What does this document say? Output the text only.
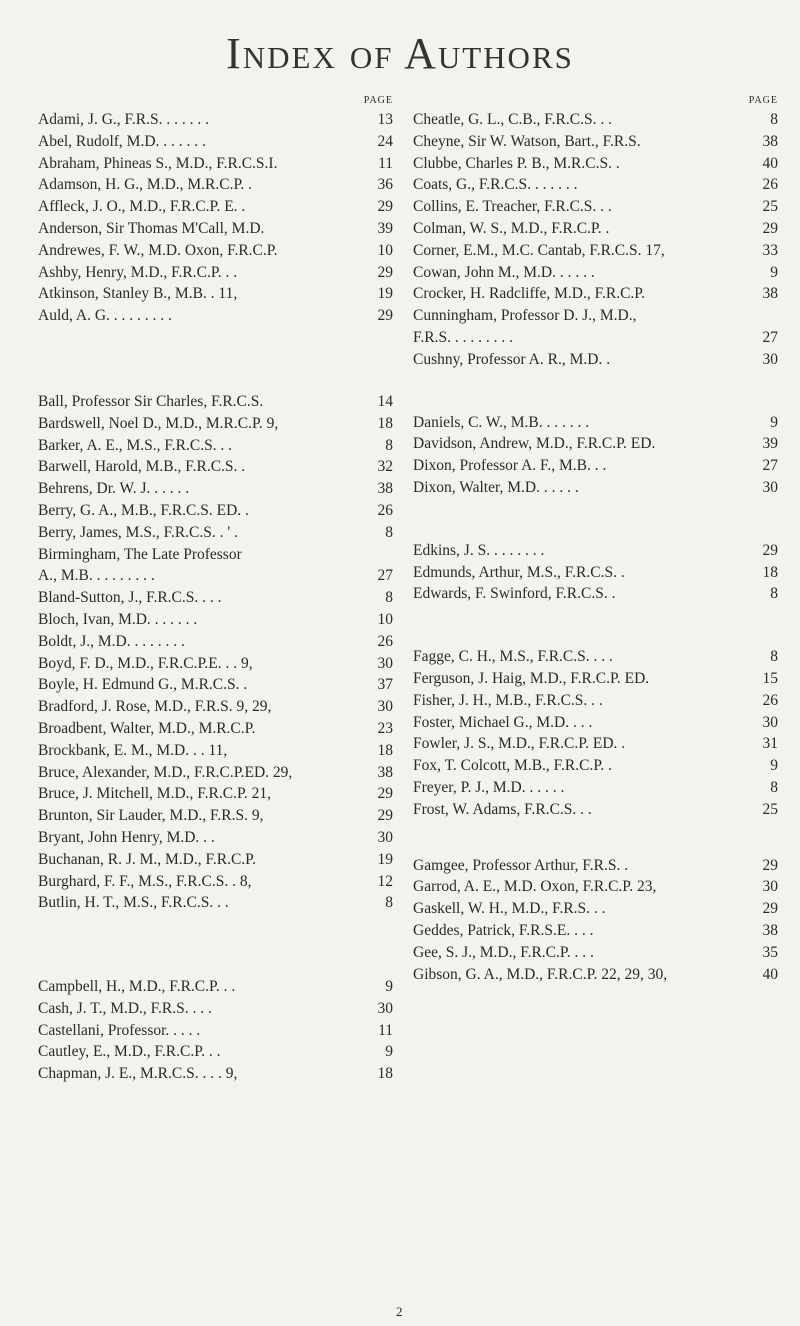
Index of Authors
PAGE
Adami, J. G., F.R.S. . . . . . .	13
Abel, Rudolf, M.D. . . . . . .	24
Abraham, Phineas S., M.D., F.R.C.S.I.	11
Adamson, H. G., M.D., M.R.C.P. .	36
Affleck, J. O., M.D., F.R.C.P. E. .	29
Anderson, Sir Thomas M'Call, M.D.	39
Andrewes, F. W., M.D. Oxon, F.R.C.P.	10
Ashby, Henry, M.D., F.R.C.P. . .	29
Atkinson, Stanley B., M.B. . 11,	19
Auld, A. G. . . . . . . . .	29
Ball, Professor Sir Charles, F.R.C.S.	14
Bardswell, Noel D., M.D., M.R.C.P. 9,	18
Barker, A. E., M.S., F.R.C.S. . .	8
Barwell, Harold, M.B., F.R.C.S. .	32
Behrens, Dr. W. J. . . . . .	38
Berry, G. A., M.B., F.R.C.S. ED. .	26
Berry, James, M.S., F.R.C.S. . ' .	8
Birmingham, The Late Professor
A., M.B. . . . . . . . .	27
Bland-Sutton, J., F.R.C.S. . . .	8
Bloch, Ivan, M.D. . . . . . .	10
Boldt, J., M.D. . . . . . . .	26
Boyd, F. D., M.D., F.R.C.P.E. . . 9,	30
Boyle, H. Edmund G., M.R.C.S. .	37
Bradford, J. Rose, M.D., F.R.S. 9, 29,	30
Broadbent, Walter, M.D., M.R.C.P.	23
Brockbank, E. M., M.D. . . 11,	18
Bruce, Alexander, M.D., F.R.C.P.ED. 29,	38
Bruce, J. Mitchell, M.D., F.R.C.P. 21,	29
Brunton, Sir Lauder, M.D., F.R.S. 9,	29
Bryant, John Henry, M.D. . .	30
Buchanan, R. J. M., M.D., F.R.C.P.	19
Burghard, F. F., M.S., F.R.C.S. . 8,	12
Butlin, H. T., M.S., F.R.C.S. . .	8
Campbell, H., M.D., F.R.C.P. . .	9
Cash, J. T., M.D., F.R.S. . . .	30
Castellani, Professor. . . . .	11
Cautley, E., M.D., F.R.C.P. . .	9
Chapman, J. E., M.R.C.S. . . . 9,	18
PAGE
Cheatle, G. L., C.B., F.R.C.S. . .	8
Cheyne, Sir W. Watson, Bart., F.R.S.	38
Clubbe, Charles P. B., M.R.C.S. .	40
Coats, G., F.R.C.S. . . . . . .	26
Collins, E. Treacher, F.R.C.S. . .	25
Colman, W. S., M.D., F.R.C.P. .	29
Corner, E.M., M.C. Cantab, F.R.C.S. 17,	33
Cowan, John M., M.D. . . . . .	9
Crocker, H. Radcliffe, M.D., F.R.C.P.	38
Cunningham, Professor D. J., M.D.,
F.R.S. . . . . . . . .	27
Cushny, Professor A. R., M.D. .	30
Daniels, C. W., M.B. . . . . . .	9
Davidson, Andrew, M.D., F.R.C.P. ED.	39
Dixon, Professor A. F., M.B. . .	27
Dixon, Walter, M.D. . . . . .	30
Edkins, J. S. . . . . . . .	29
Edmunds, Arthur, M.S., F.R.C.S. .	18
Edwards, F. Swinford, F.R.C.S. .	8
Fagge, C. H., M.S., F.R.C.S. . . .	8
Ferguson, J. Haig, M.D., F.R.C.P. ED.	15
Fisher, J. H., M.B., F.R.C.S. . .	26
Foster, Michael G., M.D. . . .	30
Fowler, J. S., M.D., F.R.C.P. ED. .	31
Fox, T. Colcott, M.B., F.R.C.P. .	9
Freyer, P. J., M.D. . . . . .	8
Frost, W. Adams, F.R.C.S. . .	25
Gamgee, Professor Arthur, F.R.S. .	29
Garrod, A. E., M.D. Oxon, F.R.C.P. 23,	30
Gaskell, W. H., M.D., F.R.S. . .	29
Geddes, Patrick, F.R.S.E. . . .	38
Gee, S. J., M.D., F.R.C.P. . . .	35
Gibson, G. A., M.D., F.R.C.P. 22, 29, 30,	40
2
